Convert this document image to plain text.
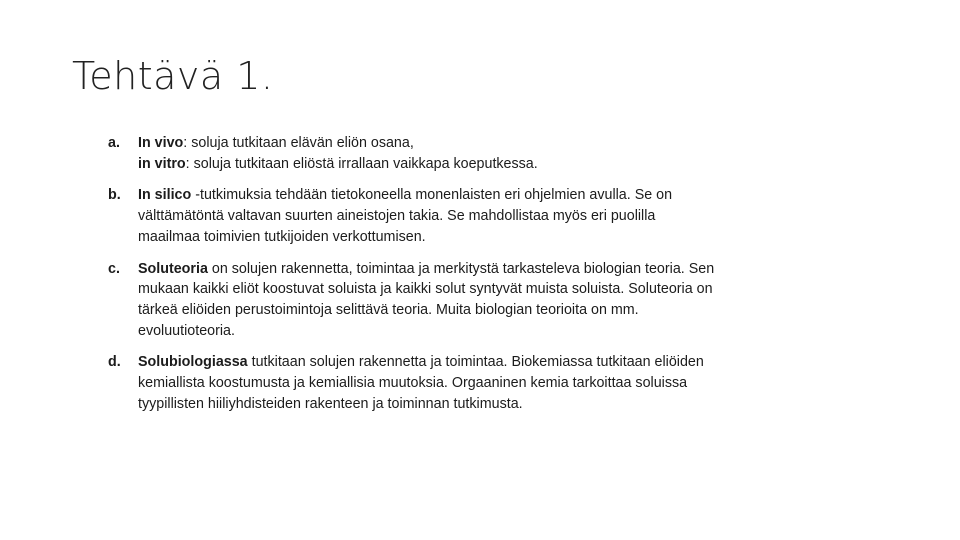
Tehtävä 1.
a.	In vivo: soluja tutkitaan elävän eliön osana,
in vitro: soluja tutkitaan eliöstä irrallaan vaikkapa koeputkessa.
b.	In silico -tutkimuksia tehdään tietokoneella monenlaisten eri ohjelmien avulla. Se on
välttämätöntä valtavan suurten aineistojen takia. Se mahdollistaa myös eri puolilla
maailmaa toimivien tutkijoiden verkottumisen.
c.	Soluteoria on solujen rakennetta, toimintaa ja merkitystä tarkasteleva biologian teoria. Sen
mukaan kaikki eliöt koostuvat soluista ja kaikki solut syntyvät muista soluista. Soluteoria on
tärkeä eliöiden perustoimintoja selittävä teoria. Muita biologian teorioita on mm.
evoluutioteoria.
d.	Solubiologiassa tutkitaan solujen rakennetta ja toimintaa. Biokemiassa tutkitaan eliöiden
kemiallista koostumusta ja kemiallisia muutoksia. Orgaaninen kemia tarkoittaa soluissa
tyypillisten hiiliyhdisteiden rakenteen ja toiminnan tutkimusta.
